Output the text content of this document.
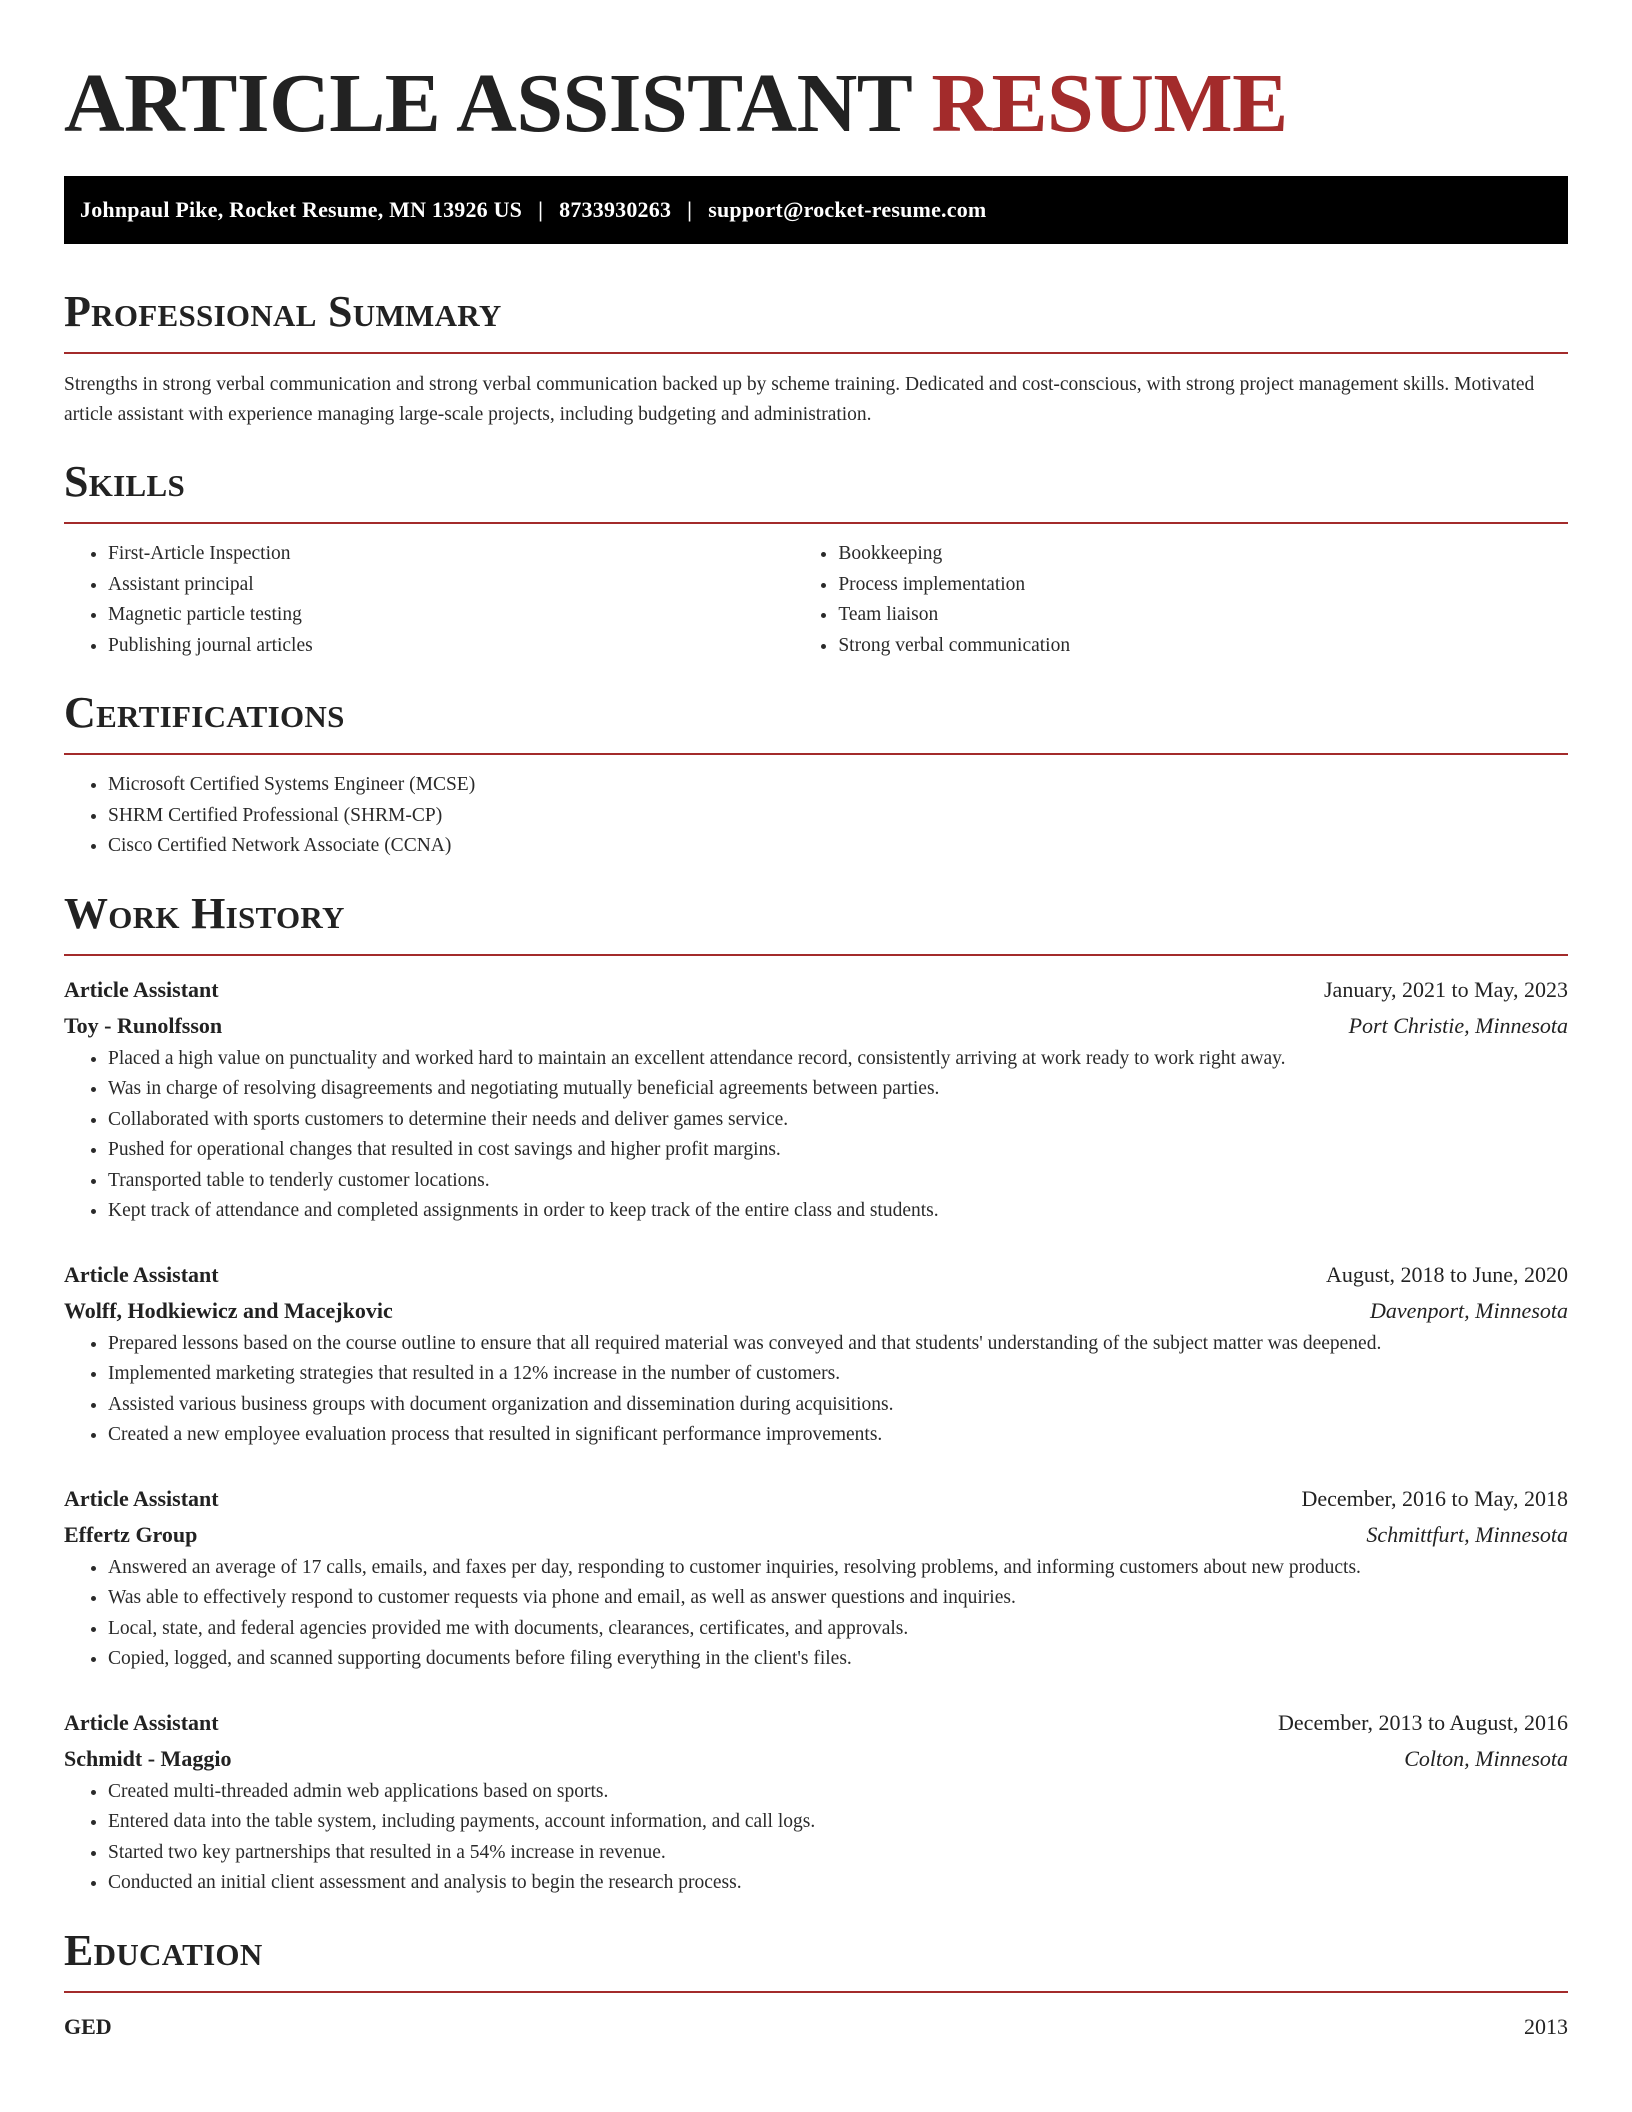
ARTICLE ASSISTANT RESUME
Johnpaul Pike, Rocket Resume, MN 13926 US | 8733930263 | support@rocket-resume.com
Professional Summary

Strengths in strong verbal communication and strong verbal communication backed up by scheme training. Dedicated and cost-conscious, with strong project management skills. Motivated article assistant with experience managing large-scale projects, including budgeting and administration.

Skills
• First-Article Inspection
• Assistant principal
• Magnetic particle testing
• Publishing journal articles
• Bookkeeping
• Process implementation
• Team liaison
• Strong verbal communication
Certifications
• Microsoft Certified Systems Engineer (MCSE)
• SHRM Certified Professional (SHRM-CP)
• Cisco Certified Network Associate (CCNA)
Work History
Article Assistant	January, 2021 to May, 2023
Toy - Runolfsson	Port Christie, Minnesota
• Placed a high value on punctuality and worked hard to maintain an excellent attendance record, consistently arriving at work ready to work right away.
• Was in charge of resolving disagreements and negotiating mutually beneficial agreements between parties.
• Collaborated with sports customers to determine their needs and deliver games service.
• Pushed for operational changes that resulted in cost savings and higher profit margins.
• Transported table to tenderly customer locations.
• Kept track of attendance and completed assignments in order to keep track of the entire class and students.
Article Assistant	August, 2018 to June, 2020
Wolff, Hodkiewicz and Macejkovic	Davenport, Minnesota
• Prepared lessons based on the course outline to ensure that all required material was conveyed and that students' understanding of the subject matter was deepened.
• Implemented marketing strategies that resulted in a 12% increase in the number of customers.
• Assisted various business groups with document organization and dissemination during acquisitions.
• Created a new employee evaluation process that resulted in significant performance improvements.
Article Assistant	December, 2016 to May, 2018
Effertz Group	Schmittfurt, Minnesota
• Answered an average of 17 calls, emails, and faxes per day, responding to customer inquiries, resolving problems, and informing customers about new products.
• Was able to effectively respond to customer requests via phone and email, as well as answer questions and inquiries.
• Local, state, and federal agencies provided me with documents, clearances, certificates, and approvals.
• Copied, logged, and scanned supporting documents before filing everything in the client's files.
Article Assistant	December, 2013 to August, 2016
Schmidt - Maggio	Colton, Minnesota
• Created multi-threaded admin web applications based on sports.
• Entered data into the table system, including payments, account information, and call logs.
• Started two key partnerships that resulted in a 54% increase in revenue.
• Conducted an initial client assessment and analysis to begin the research process.
Education
GED	2013
